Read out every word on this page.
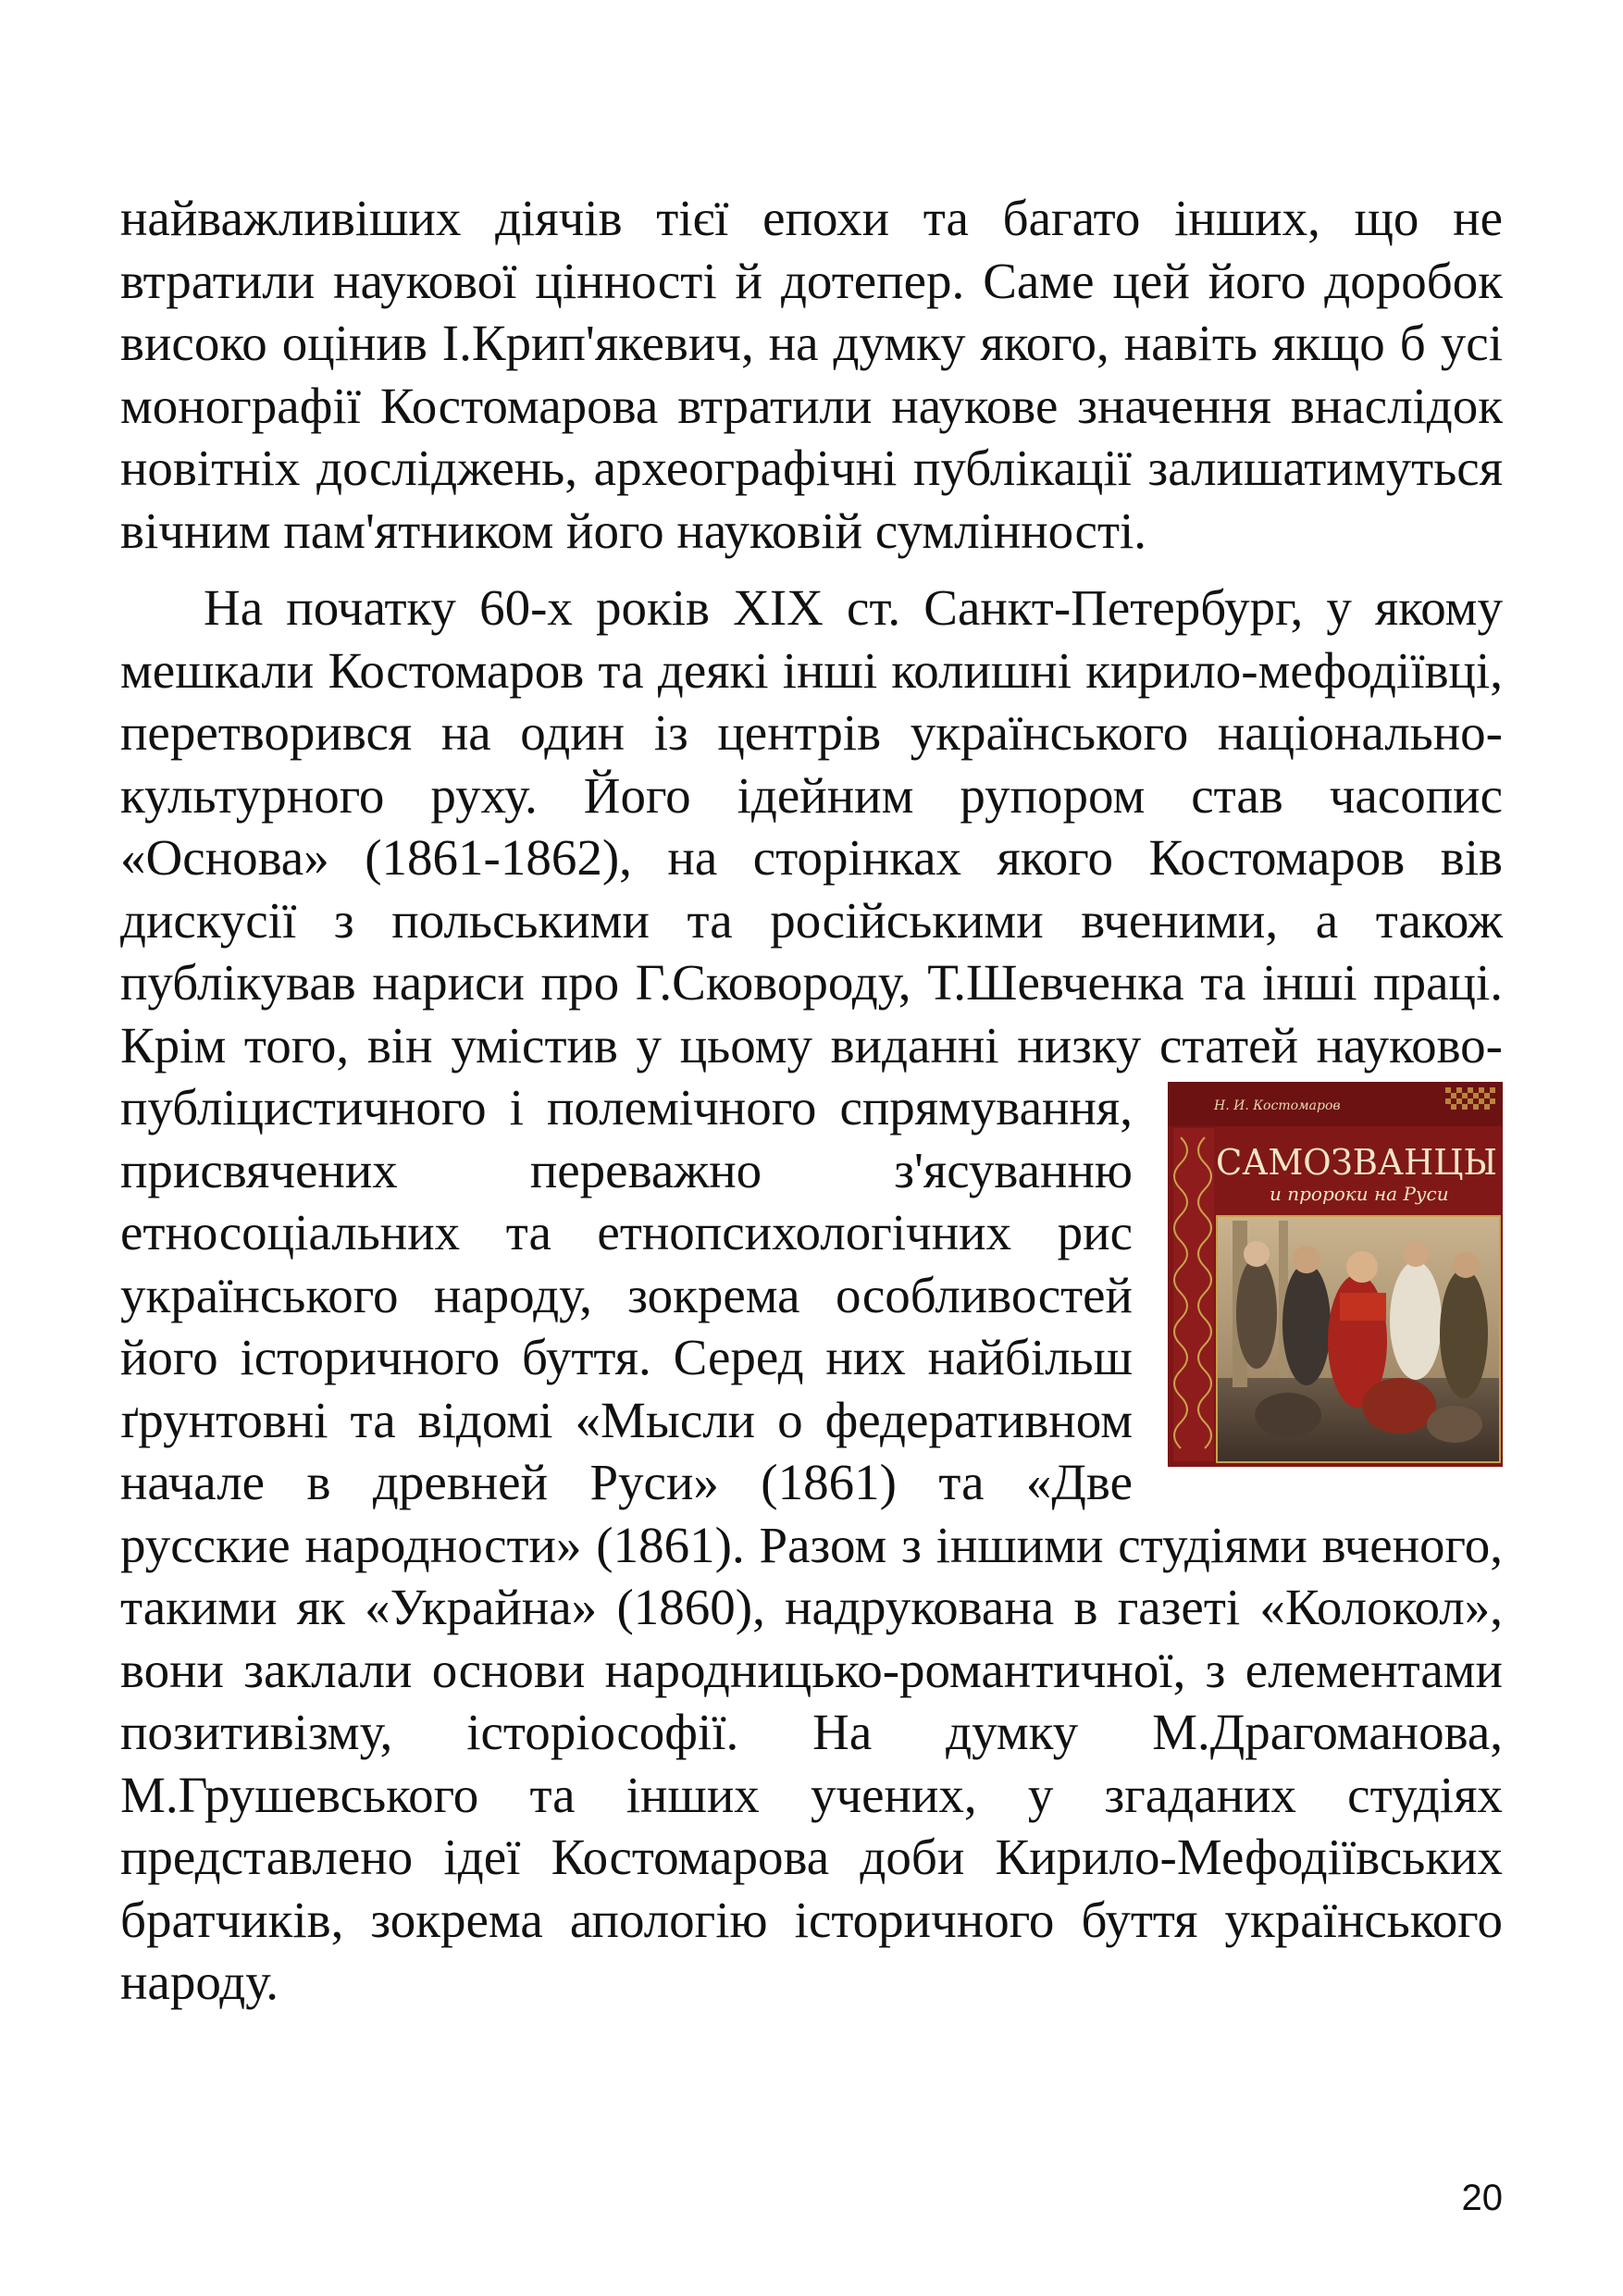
найважливіших діячів тієї епохи та багато інших, що не втратили наукової цінності й дотепер. Саме цей його доробок високо оцінив І.Крип'якевич, на думку якого, навіть якщо б усі монографії Костомарова втратили наукове значення внаслідок новітніх досліджень, археографічні публікації залишатимуться вічним пам'ятником його науковій сумлінності.

На початку 60-х років ХІХ ст. Санкт-Петербург, у якому мешкали Костомаров та деякі інші колишні кирило-мефодіївці, перетворився на один із центрів українського національно-культурного руху. Його ідейним рупором став часопис «Основа» (1861-1862), на сторінках якого Костомаров вів дискусії з польськими та російськими вченими, а також публікував нариси про Г.Сковороду, Т.Шевченка та інші праці. Крім того, він умістив у цьому виданні низку статей науково-публіцистичного і	Н. И. Костомаров
САМОЗВАНЦЫ
и пророки на Руси
полемічного спрямування, присвячених переважно з'ясуванню етносоціальних та етнопсихологічних рис українського народу, зокрема особливостей його історичного буття. Серед них найбільш ґрунтовні та відомі «Мысли о федеративном начале в древней Руси» (1861) та «Две русские народности» (1861). Разом з іншими студіями вченого, такими як «Украйна» (1860), надрукована в газеті «Колокол», вони заклали основи народницько-романтичної, з елементами позитивізму, історіософії. На думку М.Драгоманова, М.Грушевського та інших учених, у згаданих студіях представлено ідеї Костомарова доби Кирило-Мефодіївських братчиків, зокрема апологію історичного буття українського народу.

20
